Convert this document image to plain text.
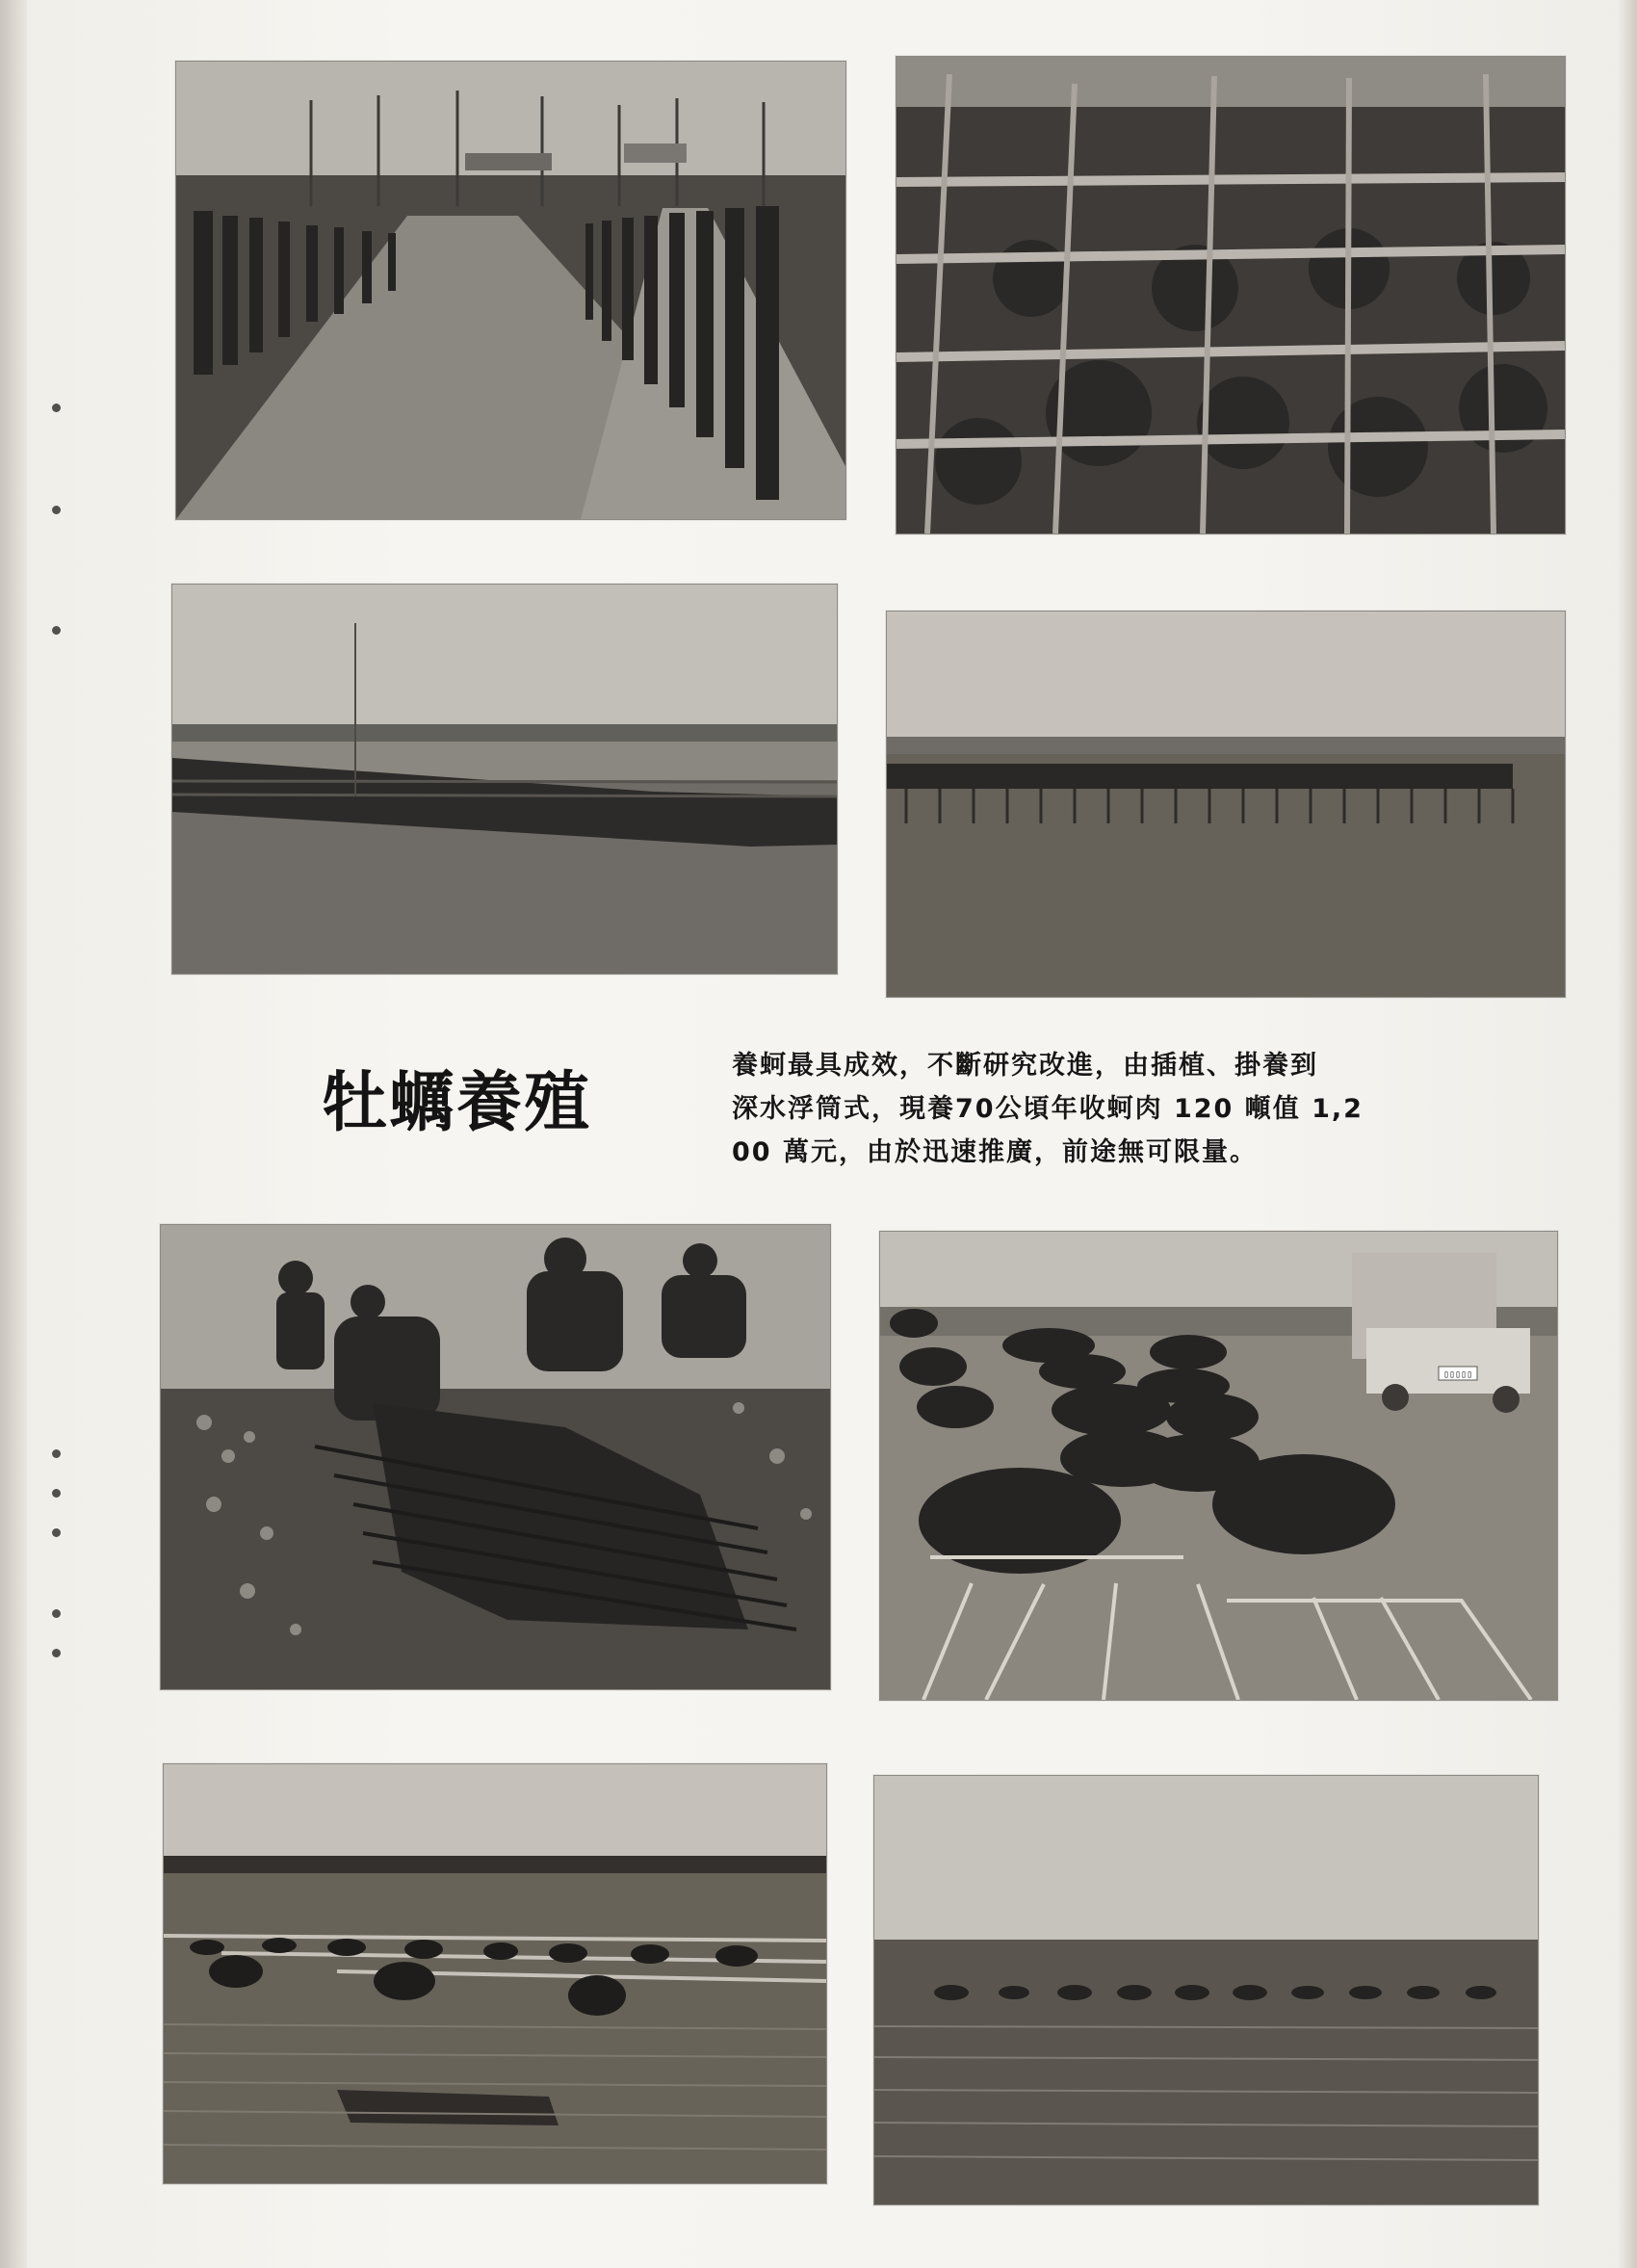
牡蠣養殖	養蚵最具成效，不斷研究改進，由插植、掛養到
深水浮筒式，現養70公頃年收蚵肉 120 噸值 1,2
00 萬元，由於迅速推廣，前途無可限量。
▯▯▯▯▯
